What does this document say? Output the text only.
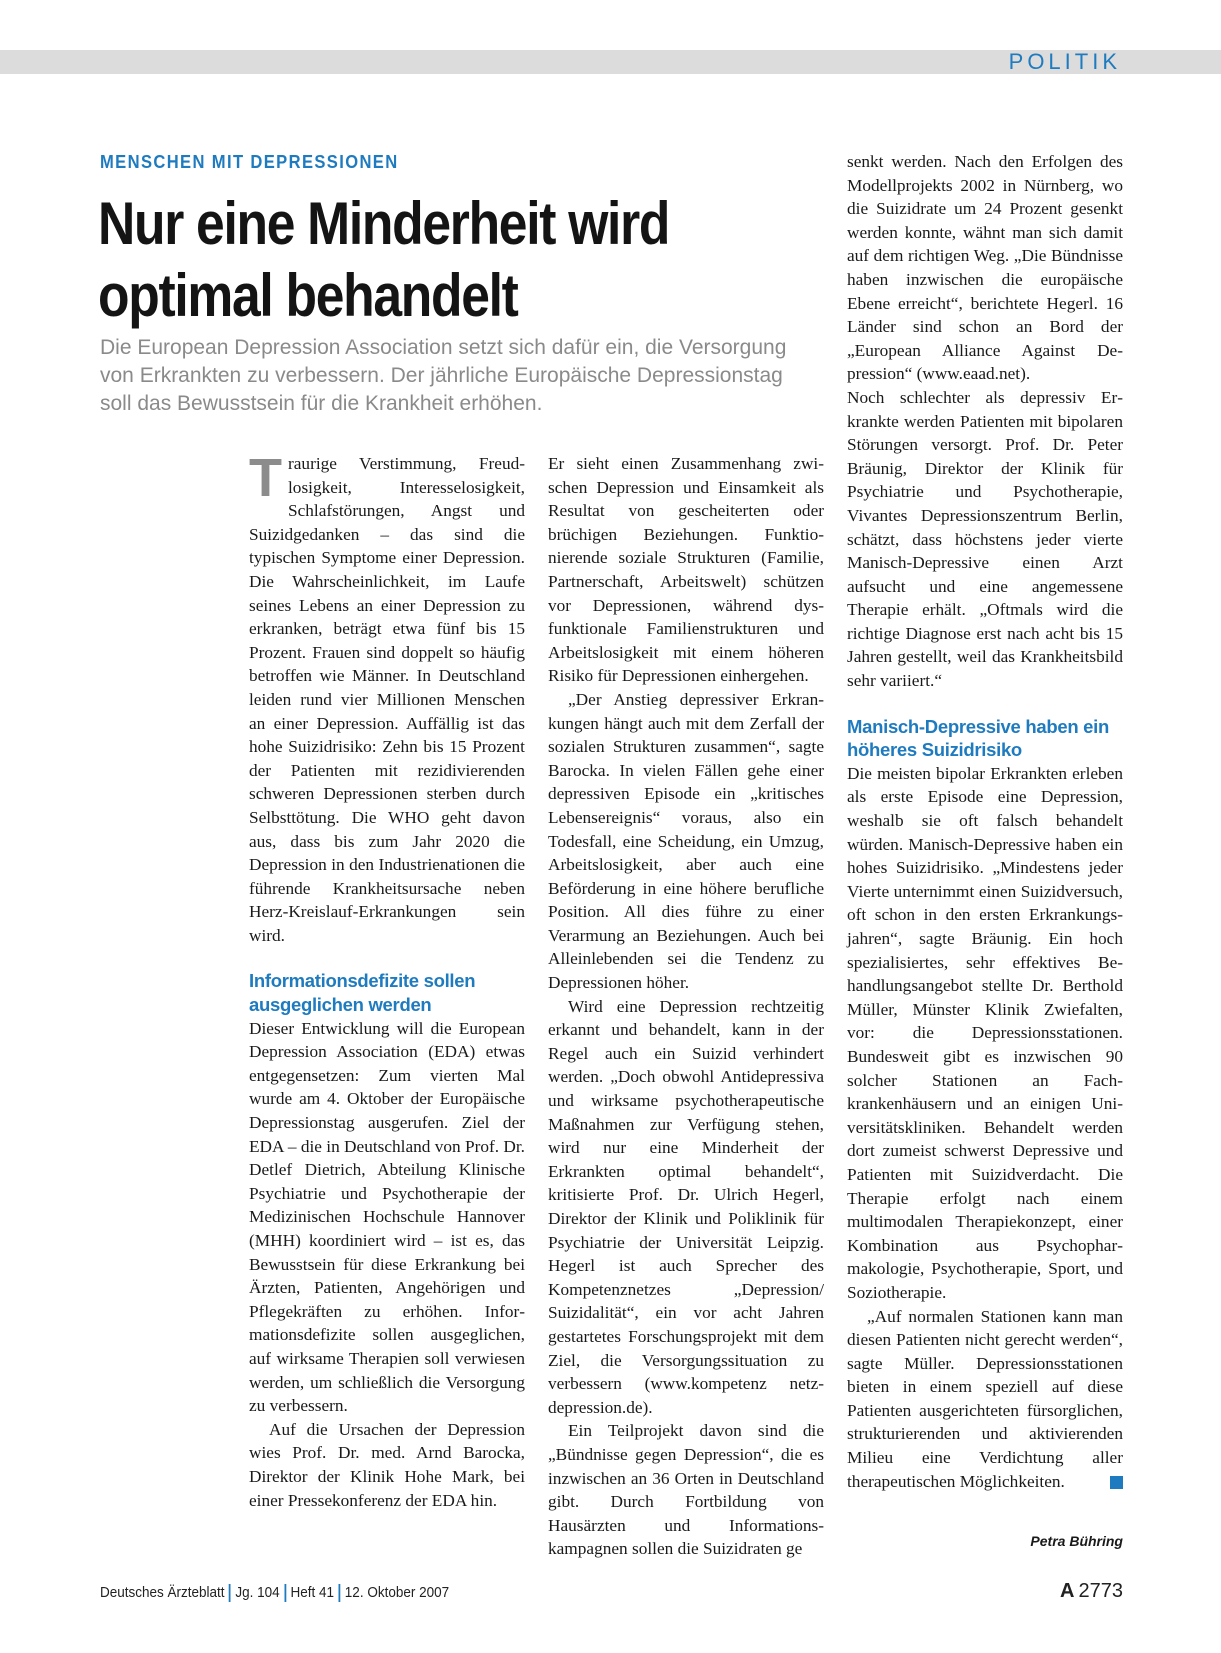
POLITIK
MENSCHEN MIT DEPRESSIONEN
Nur eine Minderheit wird
optimal behandelt
Die European Depression Association setzt sich dafür ein, die Versorgung von Erkrankten zu verbessern. Der jährliche Europäische Depressionstag soll das Bewusstsein für die Krankheit erhöhen.

Traurige Verstimmung, Freudlosigkeit, Interesselosigkeit, Schlafstörungen, Angst und Suizidgedanken – das sind die typischen Symptome einer Depression. Die Wahrscheinlichkeit, im Laufe seines Lebens an einer Depression zu erkranken, beträgt etwa fünf bis 15 Prozent. Frauen sind doppelt so häufig betroffen wie Männer. In Deutschland leiden rund vier Millionen Menschen an einer Depression. Auffällig ist das hohe Suizidrisiko: Zehn bis 15 Prozent der Patienten mit rezidivierenden schweren Depressionen sterben durch Selbsttötung. Die WHO geht davon aus, dass bis zum Jahr 2020 die Depression in den Industrienationen die führende Krankheitsursache neben Herz-Kreislauf-Erkrankungen sein wird.

Informationsdefizite sollen ausgeglichen werden

Dieser Entwicklung will die European Depression Association (EDA) etwas entgegensetzen: Zum vierten Mal wurde am 4. Oktober der Europäische Depressionstag ausgerufen. Ziel der EDA – die in Deutschland von Prof. Dr. Detlef Dietrich, Abteilung Klinische Psychiatrie und Psychotherapie der Medizinischen Hochschule Hannover (MHH) koordiniert wird – ist es, das Bewusstsein für diese Erkrankung bei Ärzten, Patienten, Angehörigen und Pflegekräften zu erhöhen. Informationsdefizite sollen ausgeglichen, auf wirksame Therapien soll verwiesen werden, um schließlich die Versorgung zu verbessern.

Auf die Ursachen der Depression wies Prof. Dr. med. Arnd Barocka, Direktor der Klinik Hohe Mark, bei einer Pressekonferenz der EDA hin.

Er sieht einen Zusammenhang zwischen Depression und Einsamkeit als Resultat von gescheiterten oder brüchigen Beziehungen. Funktionierende soziale Strukturen (Familie, Partnerschaft, Arbeitswelt) schützen vor Depressionen, während dysfunktionale Familienstrukturen und Arbeitslosigkeit mit einem höheren Risiko für Depressionen einhergehen.

„Der Anstieg depressiver Erkrankungen hängt auch mit dem Zerfall der sozialen Strukturen zusammen“, sagte Barocka. In vielen Fällen gehe einer depressiven Episode ein „kritisches Lebensereignis“ voraus, also ein Todesfall, eine Scheidung, ein Umzug, Arbeitslosigkeit, aber auch eine Beförderung in eine höhere berufliche Position. All dies führe zu einer Verarmung an Beziehungen. Auch bei Alleinlebenden sei die Tendenz zu Depressionen höher.

Wird eine Depression rechtzeitig erkannt und behandelt, kann in der Regel auch ein Suizid verhindert werden. „Doch obwohl Antidepressiva und wirksame psychotherapeutische Maßnahmen zur Verfügung stehen, wird nur eine Minderheit der Erkrankten optimal behandelt“, kritisierte Prof. Dr. Ulrich Hegerl, Direktor der Klinik und Poliklinik für Psychiatrie der Universität Leipzig. Hegerl ist auch Sprecher des Kompetenznetzes „Depression/ Suizidalität“, ein vor acht Jahren gestartetes Forschungsprojekt mit dem Ziel, die Versorgungssituation zu verbessern (www.kompetenz netz-depression.de).

Ein Teilprojekt davon sind die „Bündnisse gegen Depression“, die es inzwischen an 36 Orten in Deutschland gibt. Durch Fortbildung von Hausärzten und Informationskampagnen sollen die Suizidraten ge

senkt werden. Nach den Erfolgen des Modellprojekts 2002 in Nürnberg, wo die Suizidrate um 24 Prozent gesenkt werden konnte, wähnt man sich damit auf dem richtigen Weg. „Die Bündnisse haben inzwischen die europäische Ebene erreicht“, berichtete Hegerl. 16 Länder sind schon an Bord der „European Alliance Against Depression“ (www.eaad.net).

Noch schlechter als depressiv Erkrankte werden Patienten mit bipolaren Störungen versorgt. Prof. Dr. Peter Bräunig, Direktor der Klinik für Psychiatrie und Psychotherapie, Vivantes Depressionszentrum Berlin, schätzt, dass höchstens jeder vierte Manisch-Depressive einen Arzt aufsucht und eine angemessene Therapie erhält. „Oftmals wird die richtige Diagnose erst nach acht bis 15 Jahren gestellt, weil das Krankheitsbild sehr variiert.“

Manisch-Depressive haben ein höheres Suizidrisiko

Die meisten bipolar Erkrankten erleben als erste Episode eine Depression, weshalb sie oft falsch behandelt würden. Manisch-Depressive haben ein hohes Suizidrisiko. „Mindestens jeder Vierte unternimmt einen Suizidversuch, oft schon in den ersten Erkrankungsjahren“, sagte Bräunig. Ein hoch spezialisiertes, sehr effektives Behandlungsangebot stellte Dr. Berthold Müller, Münster Klinik Zwiefalten, vor: die Depressionsstationen. Bundesweit gibt es inzwischen 90 solcher Stationen an Fachkrankenhäusern und an einigen Universitätskliniken. Behandelt werden dort zumeist schwerst Depressive und Patienten mit Suizidverdacht. Die Therapie erfolgt nach einem multimodalen Therapiekonzept, einer Kombination aus Psychopharmakologie, Psychotherapie, Sport, und Soziotherapie.

„Auf normalen Stationen kann man diesen Patienten nicht gerecht werden“, sagte Müller. Depressionsstationen bieten in einem speziell auf diese Patienten ausgerichteten fürsorglichen, strukturierenden und aktivierenden Milieu eine Verdichtung aller therapeutischen Möglichkeiten.

Petra Bühring
Deutsches Ärzteblatt Jg. 104 Heft 41 12. Oktober 2007	A 2773
